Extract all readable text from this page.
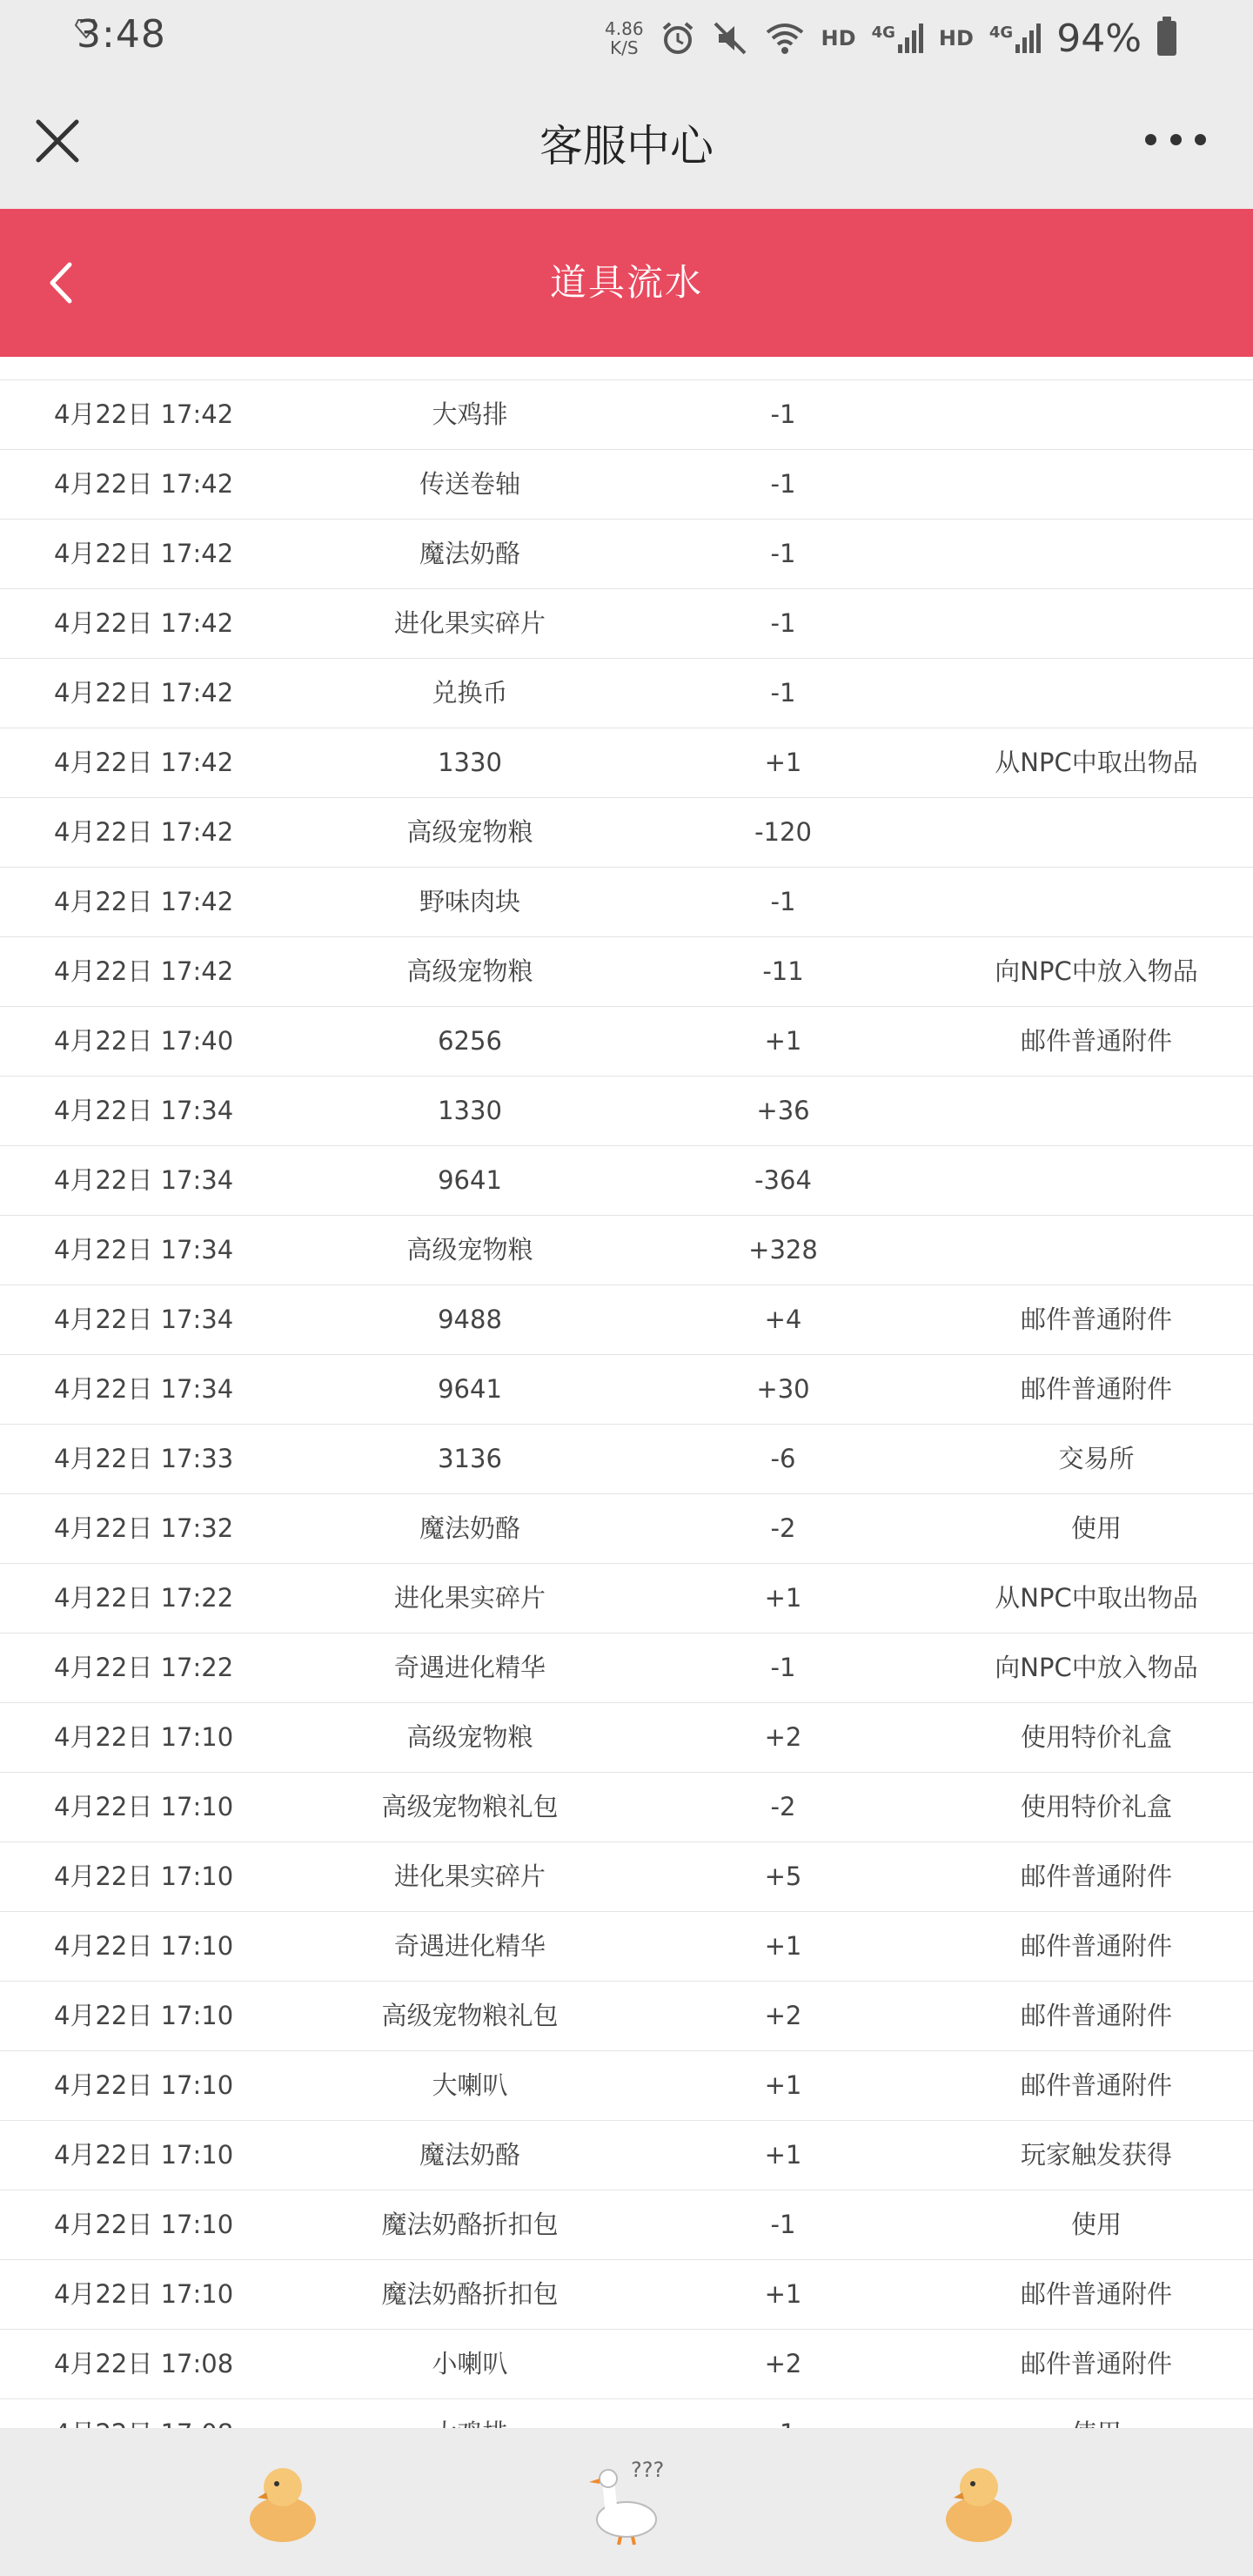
3:48	4.86
K/S	HD 4G HD 4G 94%
客服中心
道具流水
4月22日 17:42	大鸡排	-1
4月22日 17:42	传送卷轴	-1
4月22日 17:42	魔法奶酪	-1
4月22日 17:42	进化果实碎片	-1
4月22日 17:42	兑换币	-1
4月22日 17:42	1330	+1	从NPC中取出物品
4月22日 17:42	高级宠物粮	-120
4月22日 17:42	野味肉块	-1
4月22日 17:42	高级宠物粮	-11	向NPC中放入物品
4月22日 17:40	6256	+1	邮件普通附件
4月22日 17:34	1330	+36
4月22日 17:34	9641	-364
4月22日 17:34	高级宠物粮	+328
4月22日 17:34	9488	+4	邮件普通附件
4月22日 17:34	9641	+30	邮件普通附件
4月22日 17:33	3136	-6	交易所
4月22日 17:32	魔法奶酪	-2	使用
4月22日 17:22	进化果实碎片	+1	从NPC中取出物品
4月22日 17:22	奇遇进化精华	-1	向NPC中放入物品
4月22日 17:10	高级宠物粮	+2	使用特价礼盒
4月22日 17:10	高级宠物粮礼包	-2	使用特价礼盒
4月22日 17:10	进化果实碎片	+5	邮件普通附件
4月22日 17:10	奇遇进化精华	+1	邮件普通附件
4月22日 17:10	高级宠物粮礼包	+2	邮件普通附件
4月22日 17:10	大喇叭	+1	邮件普通附件
4月22日 17:10	魔法奶酪	+1	玩家触发获得
4月22日 17:10	魔法奶酪折扣包	-1	使用
4月22日 17:10	魔法奶酪折扣包	+1	邮件普通附件
4月22日 17:08	小喇叭	+2	邮件普通附件
???
